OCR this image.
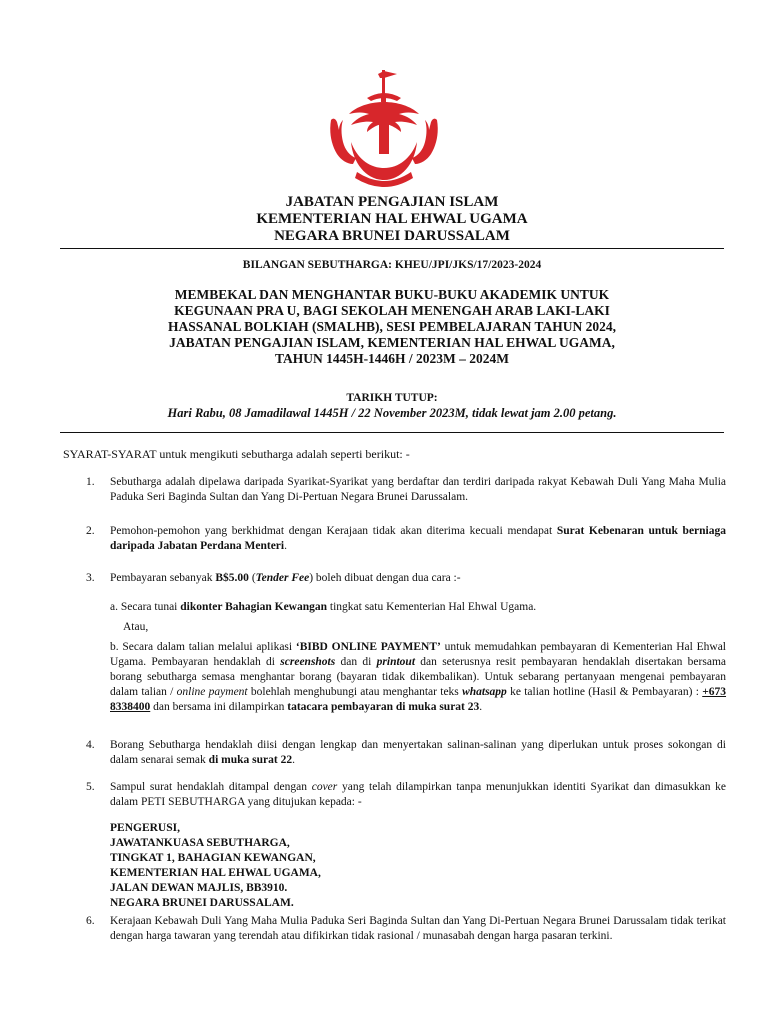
JABATAN PENGAJIAN ISLAM
KEMENTERIAN HAL EHWAL UGAMA
NEGARA BRUNEI DARUSSALAM
BILANGAN SEBUTHARGA: KHEU/JPI/JKS/17/2023-2024
MEMBEKAL DAN MENGHANTAR BUKU-BUKU AKADEMIK UNTUK
KEGUNAAN PRA U, BAGI SEKOLAH MENENGAH ARAB LAKI-LAKI
HASSANAL BOLKIAH (SMALHB), SESI PEMBELAJARAN TAHUN 2024,
JABATAN PENGAJIAN ISLAM, KEMENTERIAN HAL EHWAL UGAMA,
TAHUN 1445H-1446H / 2023M – 2024M
TARIKH TUTUP:
Hari Rabu, 08 Jamadilawal 1445H / 22 November 2023M, tidak lewat jam 2.00 petang.
SYARAT-SYARAT untuk mengikuti sebutharga adalah seperti berikut: -
1.	Sebutharga adalah dipelawa daripada Syarikat-Syarikat yang berdaftar dan terdiri daripada rakyat Kebawah Duli Yang Maha Mulia Paduka Seri Baginda Sultan dan Yang Di-Pertuan Negara Brunei Darussalam.
2.	Pemohon-pemohon yang berkhidmat dengan Kerajaan tidak akan diterima kecuali mendapat Surat Kebenaran untuk berniaga daripada Jabatan Perdana Menteri.
3.	Pembayaran sebanyak B$5.00 (Tender Fee) boleh dibuat dengan dua cara :-
a. Secara tunai dikonter Bahagian Kewangan tingkat satu Kementerian Hal Ehwal Ugama.
Atau,
b. Secara dalam talian melalui aplikasi ‘BIBD ONLINE PAYMENT’ untuk memudahkan pembayaran di Kementerian Hal Ehwal Ugama. Pembayaran hendaklah di screenshots dan di printout dan seterusnya resit pembayaran hendaklah disertakan bersama borang sebutharga semasa menghantar borang (bayaran tidak dikembalikan). Untuk sebarang pertanyaan mengenai pembayaran dalam talian / online payment bolehlah menghubungi atau menghantar teks whatsapp ke talian hotline (Hasil & Pembayaran) : +673 8338400 dan bersama ini dilampirkan tatacara pembayaran di muka surat 23.
4.	Borang Sebutharga hendaklah diisi dengan lengkap dan menyertakan salinan-salinan yang diperlukan untuk proses sokongan di dalam senarai semak di muka surat 22.
5.	Sampul surat hendaklah ditampal dengan cover yang telah dilampirkan tanpa menunjukkan identiti Syarikat dan dimasukkan ke dalam PETI SEBUTHARGA yang ditujukan kepada: -
PENGERUSI,
JAWATANKUASA SEBUTHARGA,
TINGKAT 1, BAHAGIAN KEWANGAN,
KEMENTERIAN HAL EHWAL UGAMA,
JALAN DEWAN MAJLIS, BB3910.
NEGARA BRUNEI DARUSSALAM.
6.	Kerajaan Kebawah Duli Yang Maha Mulia Paduka Seri Baginda Sultan dan Yang Di-Pertuan Negara Brunei Darussalam tidak terikat dengan harga tawaran yang terendah atau difikirkan tidak rasional / munasabah dengan harga pasaran terkini.
